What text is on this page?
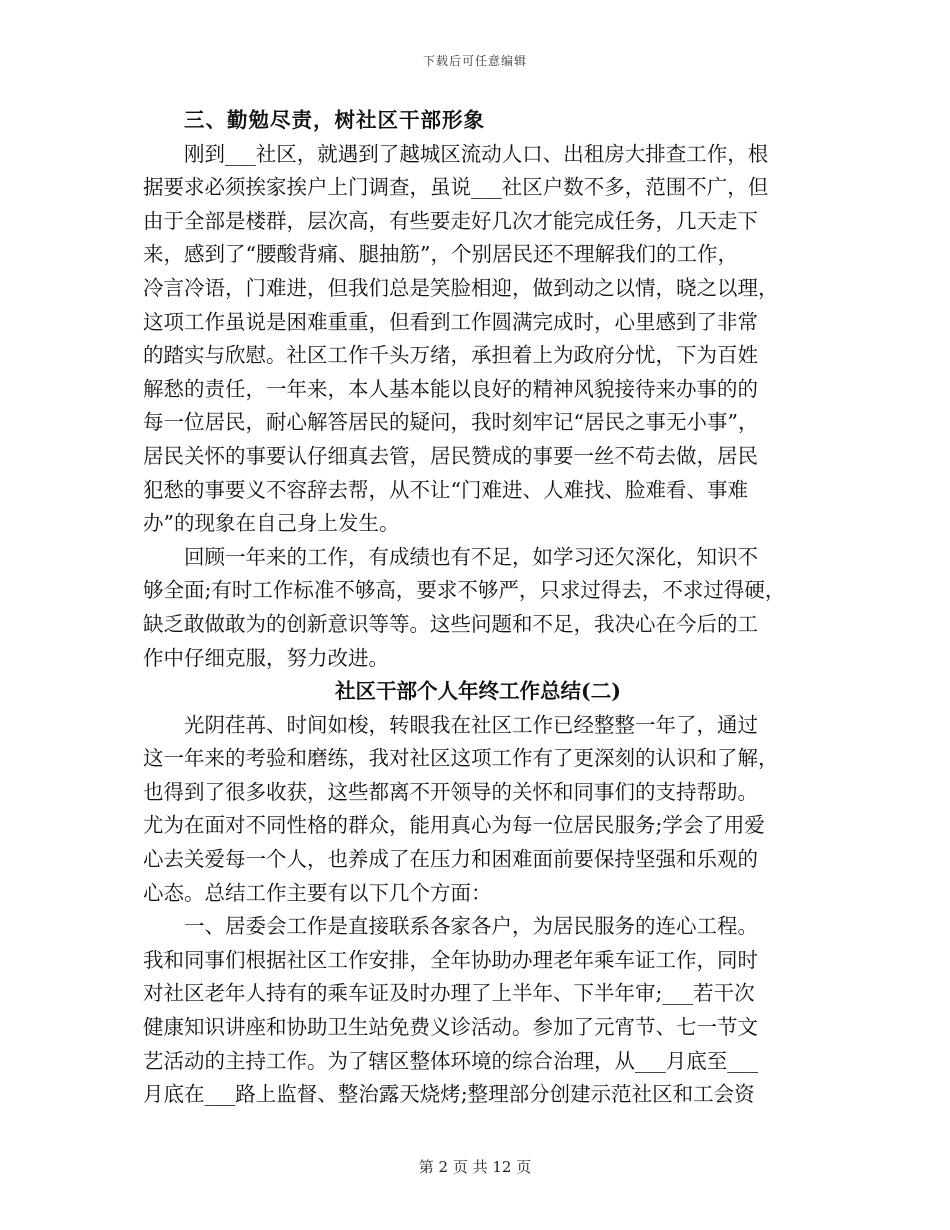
下载后可任意编辑
三、勤勉尽责，树社区干部形象
刚到___社区，就遇到了越城区流动人口、出租房大排查工作，根
据要求必须挨家挨户上门调查，虽说___社区户数不多，范围不广，但
由于全部是楼群，层次高，有些要走好几次才能完成任务，几天走下
来，感到了“腰酸背痛、腿抽筋”，个别居民还不理解我们的工作，
冷言冷语，门难进，但我们总是笑脸相迎，做到动之以情，晓之以理，
这项工作虽说是困难重重，但看到工作圆满完成时，心里感到了非常
的踏实与欣慰。社区工作千头万绪，承担着上为政府分忧，下为百姓
解愁的责任，一年来，本人基本能以良好的精神风貌接待来办事的的
每一位居民，耐心解答居民的疑问，我时刻牢记“居民之事无小事”，
居民关怀的事要认仔细真去管，居民赞成的事要一丝不苟去做，居民
犯愁的事要义不容辞去帮，从不让“门难进、人难找、脸难看、事难
办”的现象在自己身上发生。
回顾一年来的工作，有成绩也有不足，如学习还欠深化，知识不
够全面;有时工作标准不够高，要求不够严，只求过得去，不求过得硬，
缺乏敢做敢为的创新意识等等。这些问题和不足，我决心在今后的工
作中仔细克服，努力改进。
社区干部个人年终工作总结(二)
光阴荏苒、时间如梭，转眼我在社区工作已经整整一年了，通过
这一年来的考验和磨练，我对社区这项工作有了更深刻的认识和了解，
也得到了很多收获，这些都离不开领导的关怀和同事们的支持帮助。
尤为在面对不同性格的群众，能用真心为每一位居民服务;学会了用爱
心去关爱每一个人，也养成了在压力和困难面前要保持坚强和乐观的
心态。总结工作主要有以下几个方面：
一、居委会工作是直接联系各家各户，为居民服务的连心工程。
我和同事们根据社区工作安排，全年协助办理老年乘车证工作，同时
对社区老年人持有的乘车证及时办理了上半年、下半年审;___若干次
健康知识讲座和协助卫生站免费义诊活动。参加了元宵节、七一节文
艺活动的主持工作。为了辖区整体环境的综合治理，从___月底至___
月底在___路上监督、整治露天烧烤;整理部分创建示范社区和工会资
第 2 页 共 12 页
